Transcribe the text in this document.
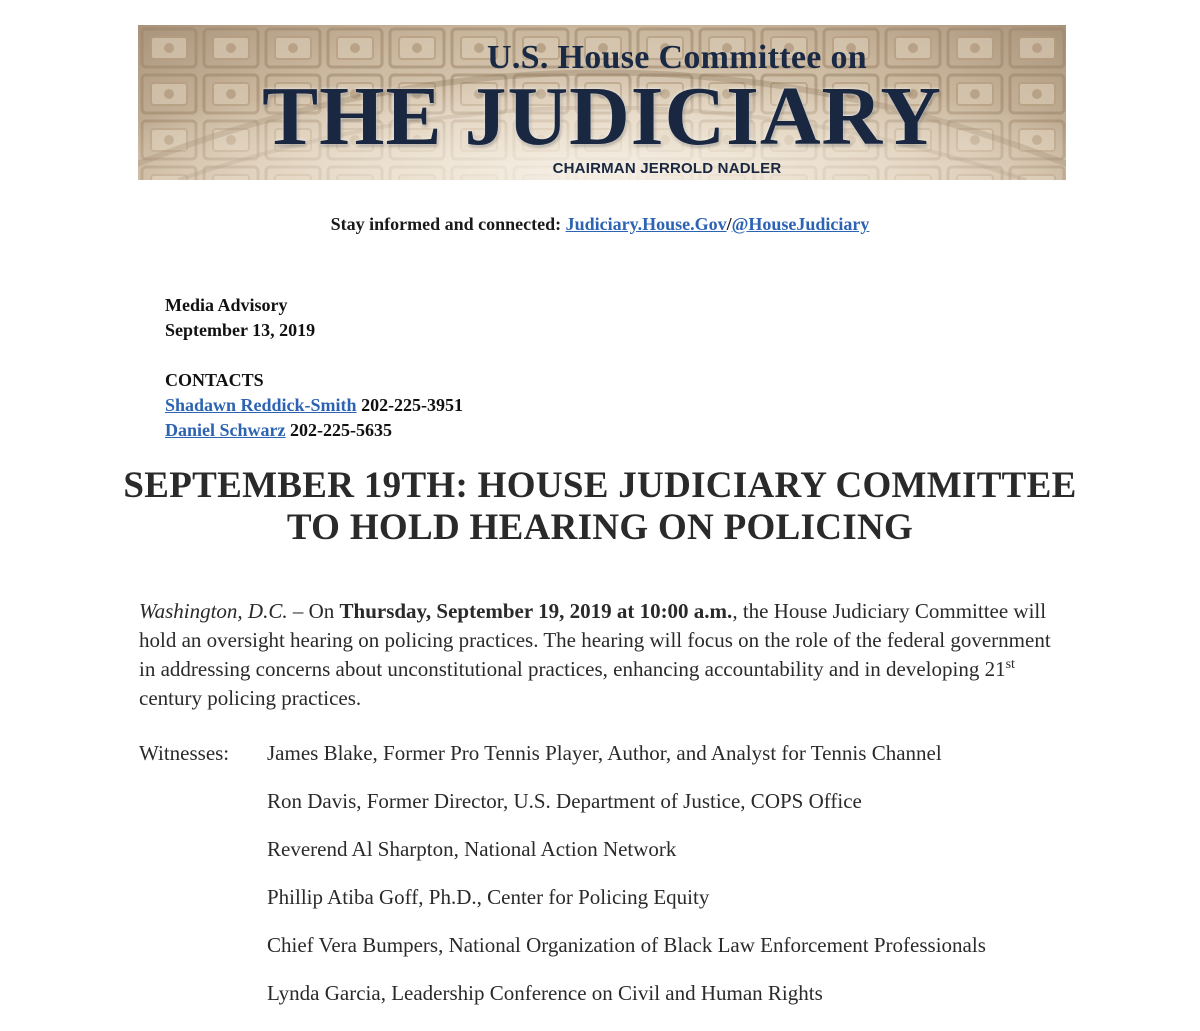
U.S. House Committee on
THE JUDICIARY
CHAIRMAN JERROLD NADLER
Stay informed and connected: Judiciary.House.Gov/@HouseJudiciary
Media Advisory
September 13, 2019
CONTACTS
Shadawn Reddick-Smith 202-225-3951
Daniel Schwarz 202-225-5635
SEPTEMBER 19TH: HOUSE JUDICIARY COMMITTEE
TO HOLD HEARING ON POLICING
Washington, D.C. – On Thursday, September 19, 2019 at 10:00 a.m., the House Judiciary Committee will hold an oversight hearing on policing practices. The hearing will focus on the role of the federal government in addressing concerns about unconstitutional practices, enhancing accountability and in developing 21st century policing practices.
Witnesses: James Blake, Former Pro Tennis Player, Author, and Analyst for Tennis Channel
Ron Davis, Former Director, U.S. Department of Justice, COPS Office
Reverend Al Sharpton, National Action Network
Phillip Atiba Goff, Ph.D., Center for Policing Equity
Chief Vera Bumpers, National Organization of Black Law Enforcement Professionals
Lynda Garcia, Leadership Conference on Civil and Human Rights
